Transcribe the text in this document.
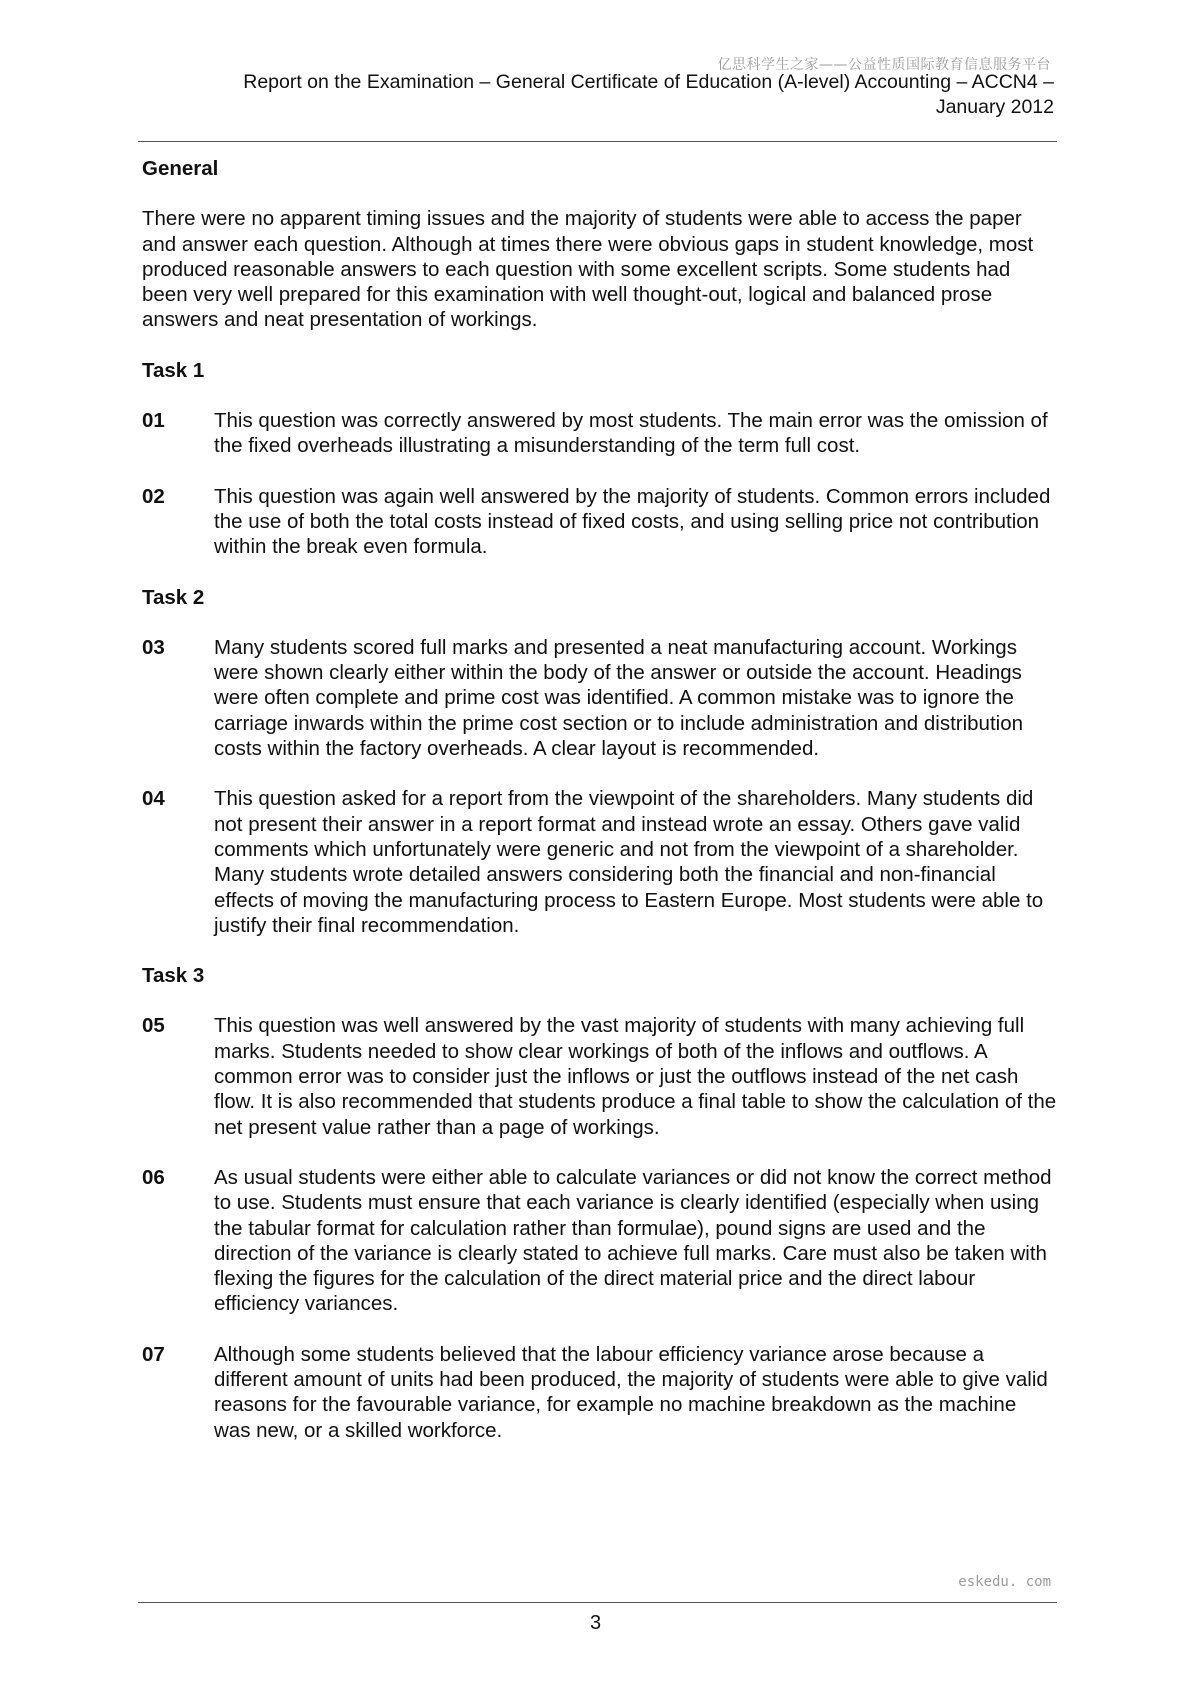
亿思科学生之家——公益性质国际教育信息服务平台
Report on the Examination – General Certificate of Education (A-level) Accounting – ACCN4 –
January 2012
General
There were no apparent timing issues and the majority of students were able to access the paper and answer each question. Although at times there were obvious gaps in student knowledge, most produced reasonable answers to each question with some excellent scripts. Some students had been very well prepared for this examination with well thought-out, logical and balanced prose answers and neat presentation of workings.
Task 1
01	This question was correctly answered by most students. The main error was the omission of the fixed overheads illustrating a misunderstanding of the term full cost.
02	This question was again well answered by the majority of students. Common errors included the use of both the total costs instead of fixed costs, and using selling price not contribution within the break even formula.
Task 2
03	Many students scored full marks and presented a neat manufacturing account. Workings were shown clearly either within the body of the answer or outside the account. Headings were often complete and prime cost was identified. A common mistake was to ignore the carriage inwards within the prime cost section or to include administration and distribution costs within the factory overheads. A clear layout is recommended.
04	This question asked for a report from the viewpoint of the shareholders. Many students did not present their answer in a report format and instead wrote an essay. Others gave valid comments which unfortunately were generic and not from the viewpoint of a shareholder. Many students wrote detailed answers considering both the financial and non-financial effects of moving the manufacturing process to Eastern Europe. Most students were able to justify their final recommendation.
Task 3
05	This question was well answered by the vast majority of students with many achieving full marks. Students needed to show clear workings of both of the inflows and outflows. A common error was to consider just the inflows or just the outflows instead of the net cash flow. It is also recommended that students produce a final table to show the calculation of the net present value rather than a page of workings.
06	As usual students were either able to calculate variances or did not know the correct method to use. Students must ensure that each variance is clearly identified (especially when using the tabular format for calculation rather than formulae), pound signs are used and the direction of the variance is clearly stated to achieve full marks. Care must also be taken with flexing the figures for the calculation of the direct material price and the direct labour efficiency variances.
07	Although some students believed that the labour efficiency variance arose because a different amount of units had been produced, the majority of students were able to give valid reasons for the favourable variance, for example no machine breakdown as the machine was new, or a skilled workforce.
eskedu. com
3
